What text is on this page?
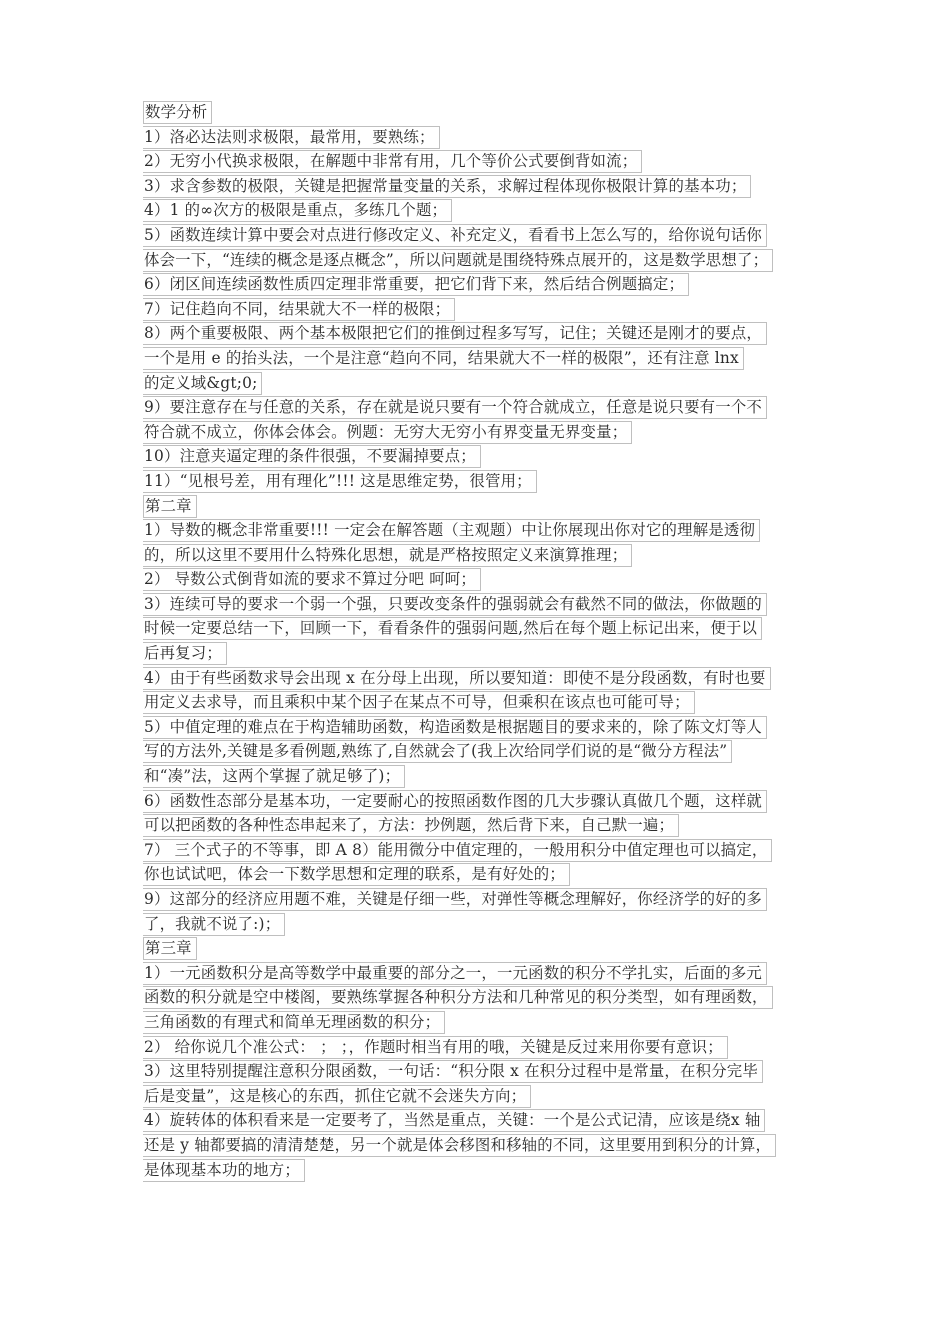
数学分析
1）洛必达法则求极限，最常用，要熟练；
2）无穷小代换求极限，在解题中非常有用，几个等价公式要倒背如流；
3）求含参数的极限，关键是把握常量变量的关系，求解过程体现你极限计算的基本功；
4）1 的∞次方的极限是重点，多练几个题；
5）函数连续计算中要会对点进行修改定义、补充定义，看看书上怎么写的，给你说句话你
体会一下，“连续的概念是逐点概念”，所以问题就是围绕特殊点展开的，这是数学思想了；
6）闭区间连续函数性质四定理非常重要，把它们背下来，然后结合例题搞定；
7）记住趋向不同，结果就大不一样的极限；
8）两个重要极限、两个基本极限把它们的推倒过程多写写，记住；关键还是刚才的要点，
一个是用 e 的抬头法，一个是注意“趋向不同，结果就大不一样的极限”，还有注意 lnx
的定义域&gt;0;
9）要注意存在与任意的关系，存在就是说只要有一个符合就成立，任意是说只要有一个不
符合就不成立，你体会体会。例题：无穷大无穷小有界变量无界变量；
10）注意夹逼定理的条件很强，不要漏掉要点；
11）“见根号差，用有理化”!!! 这是思维定势，很管用；
第二章
1）导数的概念非常重要!!! 一定会在解答题（主观题）中让你展现出你对它的理解是透彻
的，所以这里不要用什么特殊化思想，就是严格按照定义来演算推理；
2） 导数公式倒背如流的要求不算过分吧 呵呵；
3）连续可导的要求一个弱一个强，只要改变条件的强弱就会有截然不同的做法，你做题的
时候一定要总结一下，回顾一下，看看条件的强弱问题,然后在每个题上标记出来，便于以
后再复习；
4）由于有些函数求导会出现 x 在分母上出现，所以要知道：即使不是分段函数，有时也要
用定义去求导，而且乘积中某个因子在某点不可导，但乘积在该点也可能可导；
5）中值定理的难点在于构造辅助函数，构造函数是根据题目的要求来的，除了陈文灯等人
写的方法外,关键是多看例题,熟练了,自然就会了(我上次给同学们说的是“微分方程法”
和“凑”法，这两个掌握了就足够了)；
6）函数性态部分是基本功，一定要耐心的按照函数作图的几大步骤认真做几个题，这样就
可以把函数的各种性态串起来了，方法：抄例题，然后背下来，自己默一遍；
7） 三个式子的不等事，即 A 8）能用微分中值定理的，一般用积分中值定理也可以搞定，
你也试试吧，体会一下数学思想和定理的联系，是有好处的；
9）这部分的经济应用题不难，关键是仔细一些，对弹性等概念理解好，你经济学的好的多
了，我就不说了:)；
第三章
1）一元函数积分是高等数学中最重要的部分之一，一元函数的积分不学扎实，后面的多元
函数的积分就是空中楼阁，要熟练掌握各种积分方法和几种常见的积分类型，如有理函数，
三角函数的有理式和简单无理函数的积分；
2） 给你说几个准公式： ； ；，作题时相当有用的哦，关键是反过来用你要有意识；
3）这里特别提醒注意积分限函数，一句话：“积分限 x 在积分过程中是常量，在积分完毕
后是变量”，这是核心的东西，抓住它就不会迷失方向；
4）旋转体的体积看来是一定要考了，当然是重点，关键：一个是公式记清，应该是绕x 轴
还是 y 轴都要搞的清清楚楚，另一个就是体会移图和移轴的不同，这里要用到积分的计算，
是体现基本功的地方；
